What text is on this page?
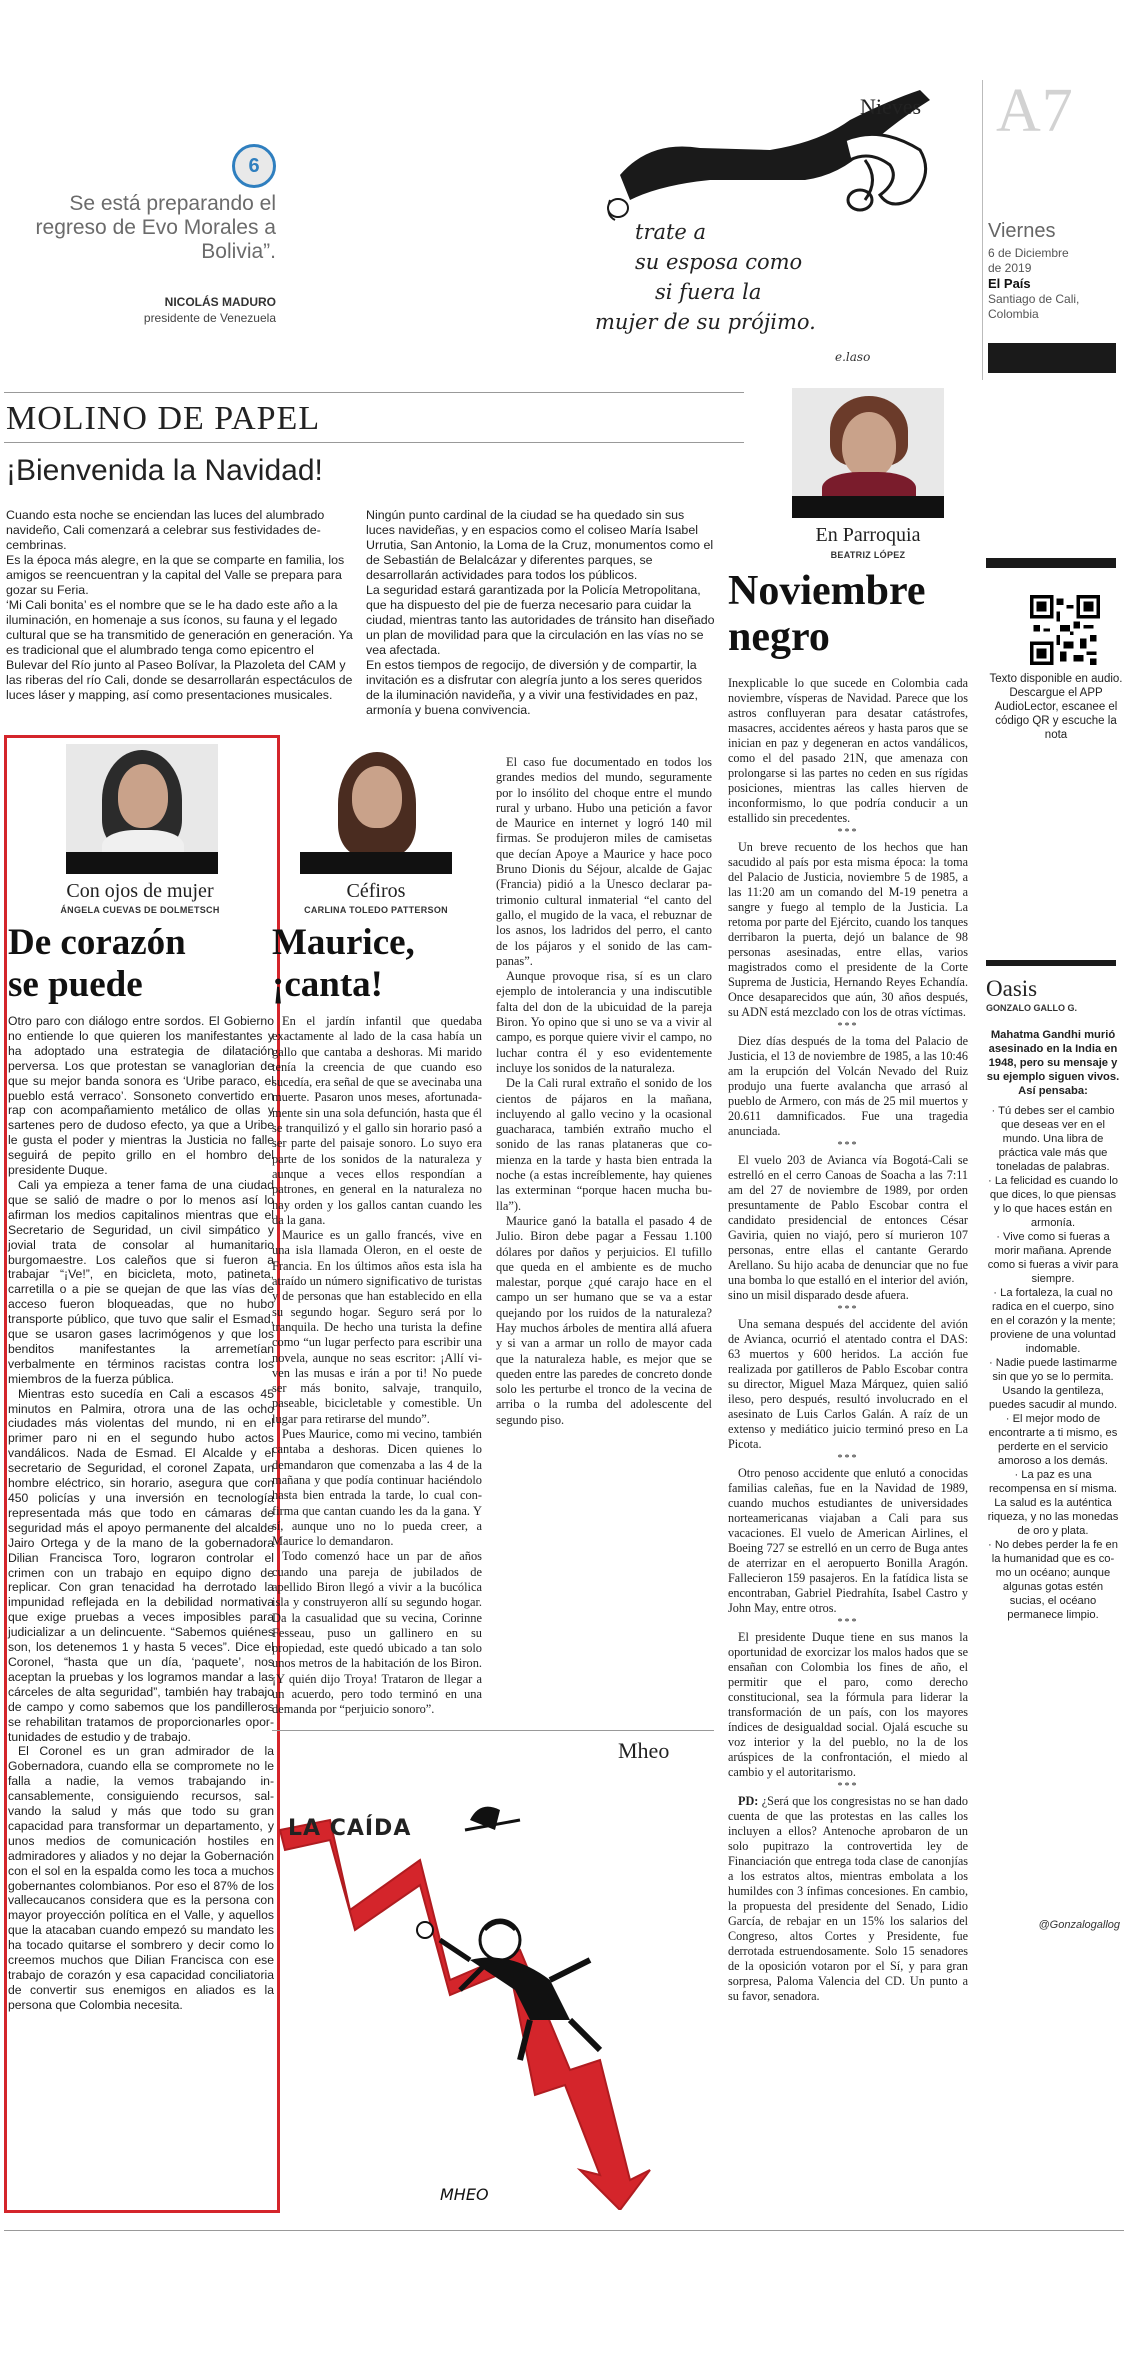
6
Se está preparando el regreso de Evo Morales a Bolivia”.
NICOLÁS MADURO
presidente de Venezuela
trate a
su esposa como
si fuera la
mujer de su prójimo.
e.laso
Nieves A7
Viernes
6 de Diciembre
de 2019
El País
Santiago de Cali,
Colombia
MOLINO DE PAPEL
¡Bienvenida la Navidad!

Cuando esta noche se enciendan las luces del alumbrado navideño, Cali comenzará a celebrar sus festividades decembrinas.

Es la época más alegre, en la que se comparte en familia, los amigos se reencuentran y la capital del Valle se prepara para gozar su Feria.

‘Mi Cali bonita’ es el nombre que se le ha dado este año a la iluminación, en homenaje a sus íconos, su fauna y el legado cultural que se ha transmitido de generación en generación. Ya es tradicional que el alumbrado tenga como epicentro el Bulevar del Río junto al Paseo Bolívar, la Plazoleta del CAM y las riberas del río Cali, donde se desarrollarán espectáculos de luces láser y mapping, así como presentaciones musicales.

Ningún punto cardinal de la ciudad se ha quedado sin sus luces navideñas, y en espacios como el coliseo María Isabel Urrutia, San Antonio, la Loma de la Cruz, monumentos como el de Sebastián de Belalcázar y diferentes parques, se desarrollarán actividades para todos los públicos.

La seguridad estará garantizada por la Policía Metropolitana, que ha dispuesto del pie de fuerza necesario para cuidar la ciudad, mientras tanto las autoridades de tránsito han diseñado un plan de movilidad para que la circulación en las vías no se vea afectada.

En estos tiempos de regocijo, de diversión y de compartir, la invitación es a disfrutar con alegría junto a los seres queridos de la iluminación navideña, y a vivir una festividades en paz, armonía y buena convivencia.

En Parroquia
BEATRIZ LÓPEZ
Noviembre
negro
Con ojos de mujer
ÁNGELA CUEVAS DE DOLMETSCH
De corazón
se puede

Otro paro con diálogo entre sordos. El Gobierno no entiende lo que quieren los manifestantes y ha adoptado una estrategia de dilatación perversa. Los que protestan se vanaglorian de que su mejor banda sonora es ‘Uribe paraco, el pueblo está verraco’. Sonsoneto convertido en rap con acompañamiento metálico de ollas y sartenes pero de dudoso efecto, ya que a Uribe le gusta el poder y mientras la Justicia no falle seguirá de pepito grillo en el hombro del presidente Duque.

Cali ya empieza a tener fama de una ciudad que se salió de madre o por lo menos así lo afirman los medios capitalinos mientras que el Secretario de Seguridad, un civil simpático y jovial trata de consolar al humanitario burgomaestre. Los caleños que si fueron a trabajar “¡Ve!”, en bicicleta, moto, patineta, carretilla o a pie se quejan de que las vías de acceso fueron bloqueadas, que no hubo transporte público, que tuvo que salir el Esmad, que se usaron gases lacrimógenos y que los benditos manifestantes la arremetían verbalmente en términos racistas contra los miembros de la fuerza pública.

Mientras esto sucedía en Cali a escasos 45 minutos en Palmira, otrora una de las ocho ciudades más violentas del mundo, ni en el primer paro ni en el segundo hubo actos vandálicos. Nada de Esmad. El Alcalde y el secretario de Seguridad, el coronel Zapata, un hombre eléctrico, sin horario, asegura que con 450 policías y una inversión en tecnología representada más que todo en cámaras de seguridad más el apoyo permanente del alcalde Jairo Ortega y de la mano de la gobernadora Dilian Francisca Toro, lograron controlar el crimen con un trabajo en equipo digno de replicar. Con gran tenacidad ha derrotado la impunidad reflejada en la debilidad normativa que exige pruebas a veces imposibles para judicializar a un delincuente. “Sabemos quiénes son, los detenemos 1 y hasta 5 veces”. Dice el Coronel, “hasta que un día, ‘paquete’, nos aceptan la pruebas y los logramos mandar a las cárceles de alta seguridad”, también hay trabajo de campo y como sabemos que los pandilleros se rehabilitan tratamos de proporcionarles oportunidades de estudio y de trabajo.

El Coronel es un gran admirador de la Gobernadora, cuando ella se compromete no le falla a nadie, la vemos trabajando incansablemente, consiguiendo recursos, salvando la salud y más que todo su gran capacidad para transformar un departamento, y unos medios de comunicación hostiles en admiradores y aliados y no dejar la Gobernación con el sol en la espalda como les toca a muchos gobernantes colombianos. Por eso el 87% de los vallecaucanos considera que es la persona con mayor proyección política en el Valle, y aquellos que la atacaban cuando empezó su mandato les ha tocado quitarse el sombrero y decir como lo creemos muchos que Dilian Francisca con ese trabajo de corazón y esa capacidad conciliatoria de convertir sus enemigos en aliados es la persona que Colombia necesita.

Céfiros
CARLINA TOLEDO PATTERSON
Maurice,
¡canta!

En el jardín infantil que quedaba exactamente al lado de la casa había un gallo que cantaba a deshoras. Mi marido tenía la creencia de que cuando eso sucedía, era señal de que se avecinaba una muerte. Pasaron unos meses, afortunadamente sin una sola defunción, hasta que él se tranquilizó y el gallo sin horario pasó a ser parte del paisaje sonoro. Lo suyo era parte de los sonidos de la naturaleza y aunque a veces ellos respondían a patrones, en general en la naturaleza no hay orden y los gallos cantan cuando les da la gana.

Maurice es un gallo francés, vive en una isla llamada Oleron, en el oeste de Francia. En los últimos años esta isla ha atraído un número significativo de turistas y de personas que han establecido en ella su segundo hogar. Seguro será por lo tranquila. De hecho una turista la define como “un lugar perfecto para escribir una novela, aunque no seas escritor: ¡Allí viven las musas e irán a por ti! No puede ser más bonito, salvaje, tranquilo, paseable, bicicletable y comestible. Un lugar para retirarse del mundo”.

Pues Maurice, como mi vecino, también cantaba a deshoras. Dicen quienes lo demandaron que comenzaba a las 4 de la mañana y que podía continuar haciéndolo hasta bien entrada la tarde, lo cual confirma que cantan cuando les da la gana. Y sí, aunque uno no lo pueda creer, a Maurice lo demandaron.

Todo comenzó hace un par de años cuando una pareja de jubilados de apellido Biron llegó a vivir a la bucólica isla y construyeron allí su segundo hogar. Da la casualidad que su vecina, Corinne Fesseau, puso un gallinero en su propiedad, este quedó ubicado a tan solo unos metros de la habitación de los Biron. ¡Y quién dijo Troya! Trataron de llegar a un acuerdo, pero todo terminó en una demanda por “perjuicio sonoro”.

El caso fue documentado en todos los grandes medios del mundo, seguramente por lo insólito del choque entre el mundo rural y urbano. Hubo una petición a favor de Maurice en internet y logró 140 mil firmas. Se produjeron miles de camisetas que decían Apoye a Maurice y hace poco Bruno Dionis du Séjour, alcalde de Gajac (Francia) pidió a la Unesco declarar patrimonio cultural inmaterial “el canto del gallo, el mugido de la vaca, el rebuznar de los asnos, los ladridos del perro, el canto de los pájaros y el sonido de las campanas”.

Aunque provoque risa, sí es un claro ejemplo de intolerancia y una indiscutible falta del don de la ubicuidad de la pareja Biron. Yo opino que si uno se va a vivir al campo, es porque quiere vivir el campo, no luchar contra él y eso evidentemente incluye los sonidos de la naturaleza.

De la Cali rural extraño el sonido de los cientos de pájaros en la mañana, incluyendo al gallo vecino y la ocasional guacharaca, también extraño mucho el sonido de las ranas plataneras que comienza en la tarde y hasta bien entrada la noche (a estas increíblemente, hay quienes las exterminan “porque hacen mucha bulla”).

Maurice ganó la batalla el pasado 4 de Julio. Biron debe pagar a Fessau 1.100 dólares por daños y perjuicios. El tufillo que queda en el ambiente es de mucho malestar, porque ¿qué carajo hace en el campo un ser humano que se va a estar quejando por los ruidos de la naturaleza? Hay muchos árboles de mentira allá afuera y si van a armar un rollo de mayor cada que la naturaleza hable, es mejor que se queden entre las paredes de concreto donde solo les perturbe el tronco de la vecina de arriba o la rumba del adolescente del segundo piso.

Inexplicable lo que sucede en Colombia cada noviembre, vísperas de Navidad. Parece que los astros confluyeran para desatar catástrofes, masacres, accidentes aéreos y hasta paros que se inician en paz y degeneran en actos vandálicos, como el del pasado 21N, que amenaza con prolongarse si las partes no ceden en sus rígidas posiciones, mientras las calles hierven de inconformismo, lo que podría conducir a un estallido sin precedentes.

***

Un breve recuento de los hechos que han sacudido al país por esta misma época: la toma del Palacio de Justicia, noviembre 5 de 1985, a las 11:20 am un comando del M-19 penetra a sangre y fuego al templo de la Justicia. La retoma por parte del Ejército, cuando los tanques derribaron la puerta, dejó un balance de 98 personas asesinadas, entre ellas, varios magistrados como el presidente de la Corte Suprema de Justicia, Hernando Reyes Echandía. Once desaparecidos que aún, 30 años después, su ADN está mezclado con los de otras víctimas.

***

Diez días después de la toma del Palacio de Justicia, el 13 de noviembre de 1985, a las 10:46 am la erupción del Volcán Nevado del Ruiz produjo una fuerte avalancha que arrasó al pueblo de Armero, con más de 25 mil muertos y 20.611 damnificados. Fue una tragedia anunciada.

***

El vuelo 203 de Avianca vía Bogotá-Cali se estrelló en el cerro Canoas de Soacha a las 7:11 am del 27 de noviembre de 1989, por orden presuntamente de Pablo Escobar contra el candidato presidencial de entonces César Gaviria, quien no viajó, pero sí murieron 107 personas, entre ellas el cantante Gerardo Arellano. Su hijo acaba de denunciar que no fue una bomba lo que estalló en el interior del avión, sino un misil disparado desde afuera.

***

Una semana después del accidente del avión de Avianca, ocurrió el atentado contra el DAS: 63 muertos y 600 heridos. La acción fue realizada por gatilleros de Pablo Escobar contra su director, Miguel Maza Márquez, quien salió ileso, pero después, resultó involucrado en el asesinato de Luis Carlos Galán. A raíz de un extenso y mediático juicio terminó preso en La Picota.

***

Otro penoso accidente que enlutó a conocidas familias caleñas, fue en la Navidad de 1989, cuando muchos estudiantes de universidades norteamericanas viajaban a Cali para sus vacaciones. El vuelo de American Airlines, el Boeing 727 se estrelló en un cerro de Buga antes de aterrizar en el aeropuerto Bonilla Aragón. Fallecieron 159 pasajeros. En la fatídica lista se encontraban, Gabriel Piedrahíta, Isabel Castro y John May, entre otros.

***

El presidente Duque tiene en sus manos la oportunidad de exorcizar los malos hados que se ensañan con Colombia los fines de año, el permitir que el paro, como derecho constitucional, sea la fórmula para liderar la transformación de un país, con los mayores índices de desigualdad social. Ojalá escuche su voz interior y la del pueblo, no la de los arúspices de la confrontación, el miedo al cambio y el autoritarismo.

***

PD: ¿Será que los congresistas no se han dado cuenta de que las protestas en las calles los incluyen a ellos? Antenoche aprobaron de un solo pupitrazo la controvertida ley de Financiación que entrega toda clase de canonjías a los estratos altos, mientras embolata a los humildes con 3 ínfimas concesiones. En cambio, la propuesta del presidente del Senado, Lidio García, de rebajar en un 15% los salarios del Congreso, altos Cortes y Presidente, fue derrotada estruendosamente. Solo 15 senadores de la oposición votaron por el Sí, y para gran sorpresa, Paloma Valencia del CD. Un punto a su favor, senadora.

Texto disponible en audio. Descargue el APP AudioLector, escanee el código QR y escuche la nota
Oasis
GONZALO GALLO G.

Mahatma Gandhi murió asesinado en la India en 1948, pero su mensaje y su ejemplo siguen vivos. Así pensaba:

· Tú debes ser el cambio que deseas ver en el mundo. Una libra de práctica vale más que toneladas de palabras.

· La felicidad es cuando lo que dices, lo que piensas y lo que haces están en armonía.

· Vive como si fueras a morir mañana. Aprende como si fueras a vivir para siempre.

· La fortaleza, la cual no radica en el cuerpo, sino en el corazón y la mente; proviene de una voluntad indomable.

· Nadie puede lastimarme sin que yo se lo permita. Usando la gentileza, puedes sacudir al mundo.

· El mejor modo de encontrarte a ti mismo, es perderte en el servicio amoroso a los demás.

· La paz es una recompensa en sí misma. La salud es la auténtica riqueza, y no las monedas de oro y plata.

· No debes perder la fe en la humanidad que es como un océano; aunque algunas gotas estén sucias, el océano permanece limpio.

@Gonzalogallog
Mheo
POPULARIDAD
MHEO
LA CAÍDA
